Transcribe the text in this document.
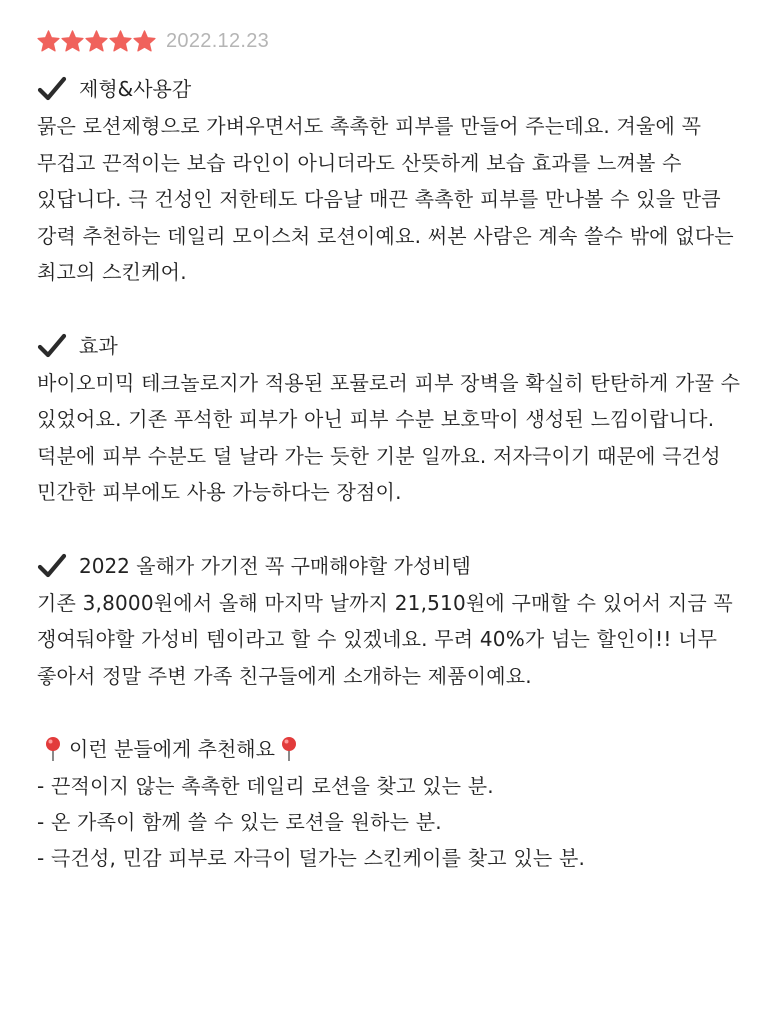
2022.12.23
제형&사용감

묽은 로션제형으로 가벼우면서도 촉촉한 피부를 만들어 주는데요. 겨울에 꼭 무겁고 끈적이는 보습 라인이 아니더라도 산뜻하게 보습 효과를 느껴볼 수 있답니다. 극 건성인 저한테도 다음날 매끈 촉촉한 피부를 만나볼 수 있을 만큼 강력 추천하는 데일리 모이스처 로션이예요. 써본 사람은 계속 쓸수 밖에 없다는 최고의 스킨케어.

효과

바이오미믹 테크놀로지가 적용된 포뮬로러 피부 장벽을 확실히 탄탄하게 가꿀 수 있었어요. 기존 푸석한 피부가 아닌 피부 수분 보호막이 생성된 느낌이랍니다. 덕분에 피부 수분도 덜 날라 가는 듯한 기분 일까요. 저자극이기 때문에 극건성 민간한 피부에도 사용 가능하다는 장점이.

2022 올해가 가기전 꼭 구매해야할 가성비템

기존 3,8000원에서 올해 마지막 날까지 21,510원에 구매할 수 있어서 지금 꼭 쟁여둬야할 가성비 템이라고 할 수 있겠네요. 무려 40%가 넘는 할인이!! 너무 좋아서 정말 주변 가족 친구들에게 소개하는 제품이예요.

이런 분들에게 추천해요
- 끈적이지 않는 촉촉한 데일리 로션을 찾고 있는 분.
- 온 가족이 함께 쓸 수 있는 로션을 원하는 분.
- 극건성, 민감 피부로 자극이 덜가는 스킨케이를 찾고 있는 분.
